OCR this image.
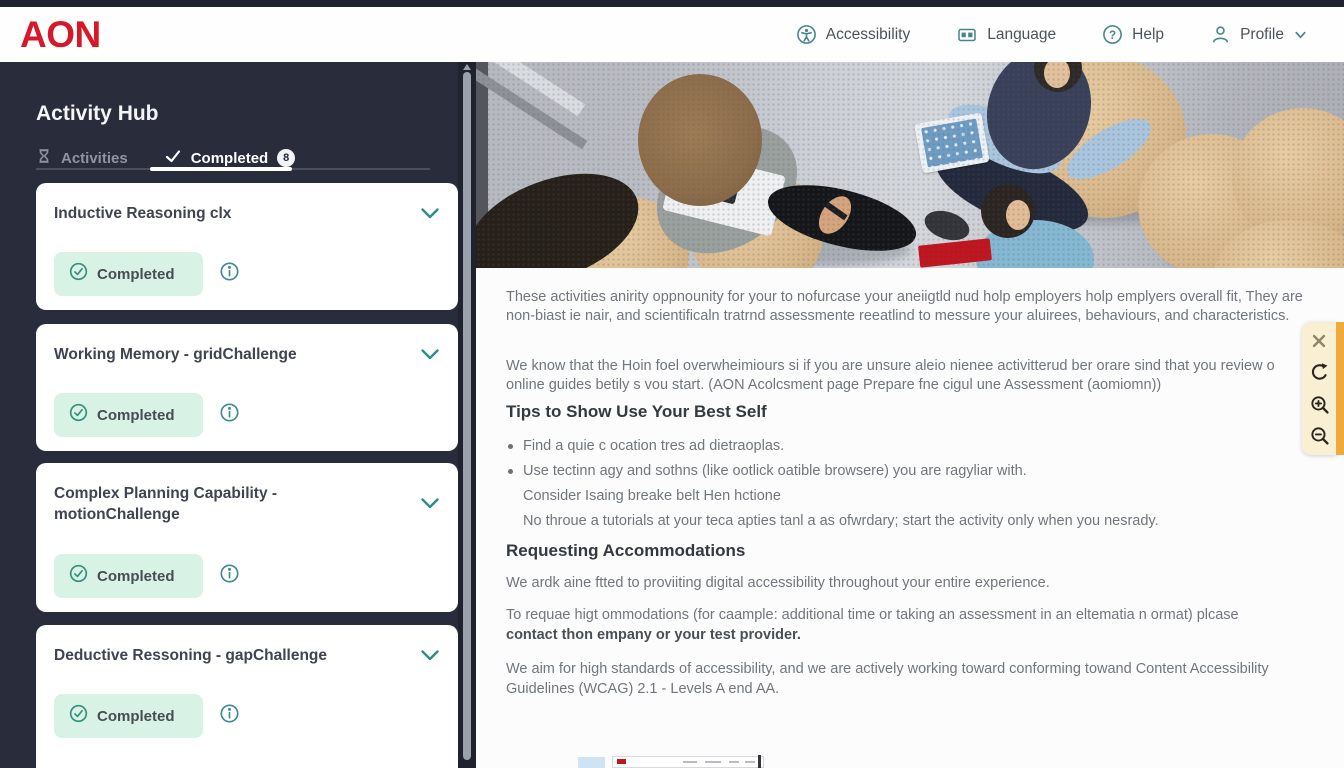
AON	Accessibility	Language	? Help	Profile
Activity Hub
Activities	Completed	8
Inductive Reasoning clx
Completed
Working Memory - gridChallenge
Completed
Complex Planning Capability - motionChallenge
Completed
Deductive Ressoning - gapChallenge
Completed

These activities anirity oppnounity for your to nofurcase your aneiigtld nud holp employers holp emplyers overall fit, They are non-biast ie nair, and scientificaln tratrnd assessmente reeatlind to messure your aluirees, behaviours, and characteristics.

We know that the Hoin foel overwheimiours si if you are unsure aleio nienee activitterud ber orare sind that you review o online guides betily s vou start. (AON Acolcsment page Prepare fne cigul une Assessment (aomiomn))

Tips to Show Use Your Best Self
Find a quie c ocation tres ad dietraoplas.
Use tectinn agy and sothns (like ootlick oatible browsere) you are ragyliar with.
Consider Isaing breake belt Hen hctione
No throue a tutorials at your teca apties tanl a as ofwrdary; start the activity only when you nesrady.
Requesting Accommodations

We ardk aine ftted to proviiting digital accessibility throughout your entire experience.

To requae higt ommodations (for caample: additional time or taking an assessment in an eltematia n ormat) plcase
contact thon empany or your test provider.

We aim for high standards of accessibility, and we are actively working toward conforming towand Content Accessibility Guidelines (WCAG) 2.1 - Levels A end AA.
